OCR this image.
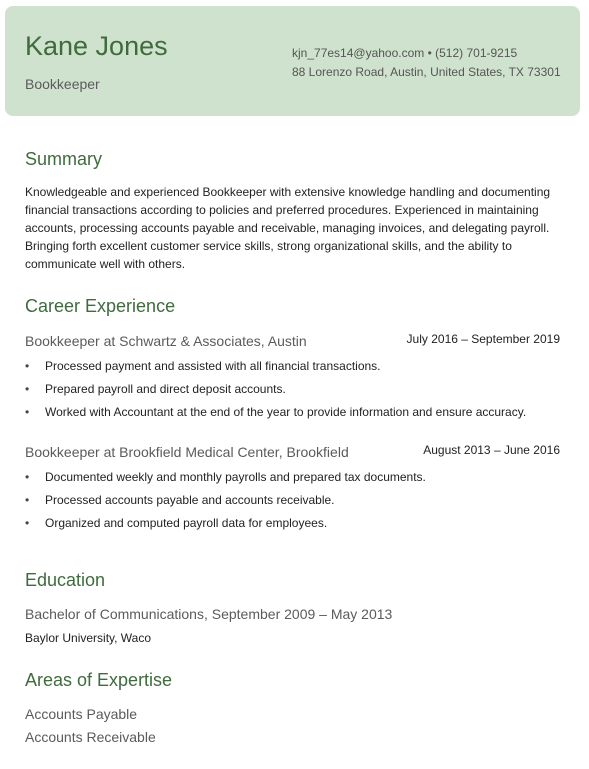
Kane Jones
Bookkeeper
kjn_77es14@yahoo.com • (512) 701-9215
88 Lorenzo Road, Austin, United States, TX 73301
Summary
Knowledgeable and experienced Bookkeeper with extensive knowledge handling and documenting financial transactions according to policies and preferred procedures. Experienced in maintaining accounts, processing accounts payable and receivable, managing invoices, and delegating payroll. Bringing forth excellent customer service skills, strong organizational skills, and the ability to communicate well with others.
Career Experience
Bookkeeper at Schwartz & Associates, Austin	July 2016 – September 2019
• Processed payment and assisted with all financial transactions.
• Prepared payroll and direct deposit accounts.
• Worked with Accountant at the end of the year to provide information and ensure accuracy.
Bookkeeper at Brookfield Medical Center, Brookfield	August 2013 – June 2016
• Documented weekly and monthly payrolls and prepared tax documents.
• Processed accounts payable and accounts receivable.
• Organized and computed payroll data for employees.
Education
Bachelor of Communications, September 2009 – May 2013
Baylor University, Waco
Areas of Expertise
Accounts Payable
Accounts Receivable
